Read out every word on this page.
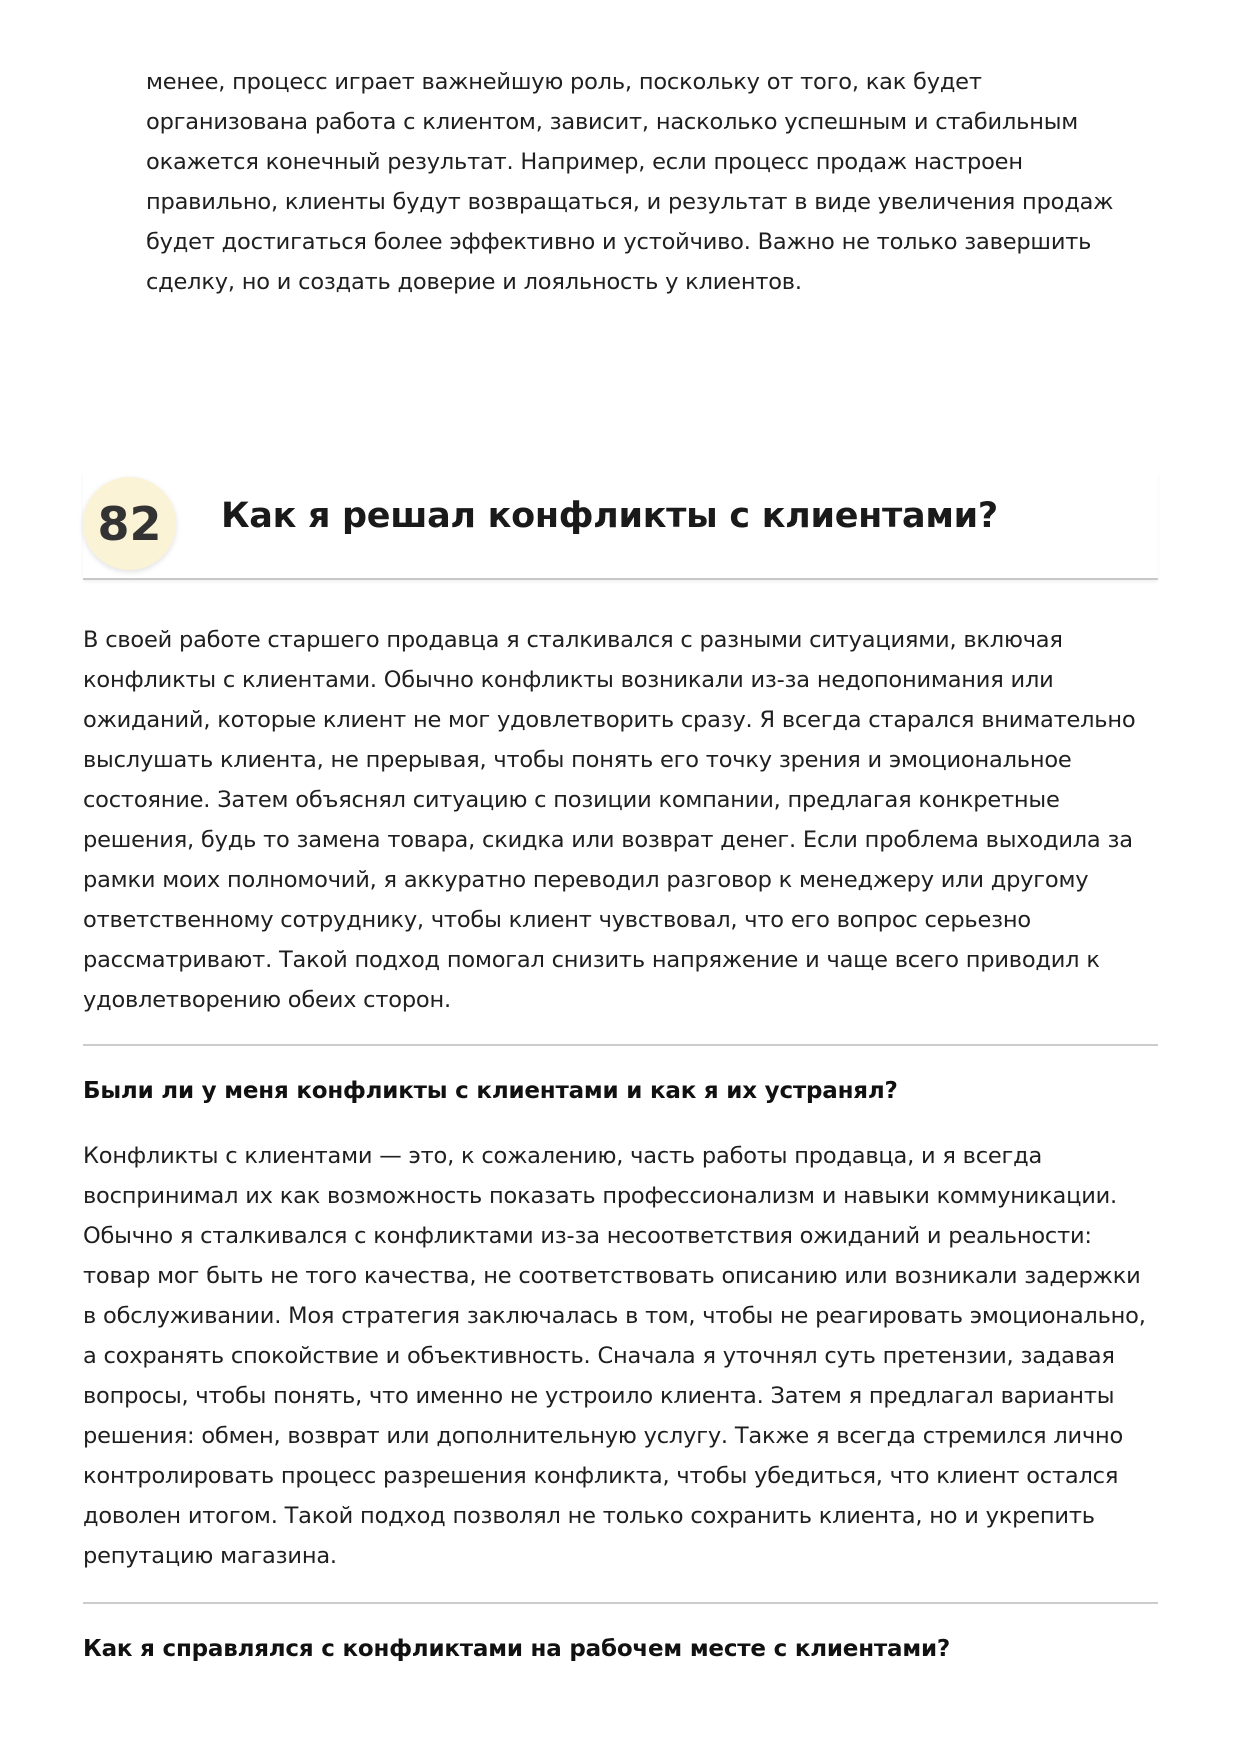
менее, процесс играет важнейшую роль, поскольку от того, как будет организована работа с клиентом, зависит, насколько успешным и стабильным окажется конечный результат. Например, если процесс продаж настроен правильно, клиенты будут возвращаться, и результат в виде увеличения продаж будет достигаться более эффективно и устойчиво. Важно не только завершить сделку, но и создать доверие и лояльность у клиентов.

82	Как я решал конфликты с клиентами?

В своей работе старшего продавца я сталкивался с разными ситуациями, включая конфликты с клиентами. Обычно конфликты возникали из-за недопонимания или ожиданий, которые клиент не мог удовлетворить сразу. Я всегда старался внимательно выслушать клиента, не прерывая, чтобы понять его точку зрения и эмоциональное состояние. Затем объяснял ситуацию с позиции компании, предлагая конкретные решения, будь то замена товара, скидка или возврат денег. Если проблема выходила за рамки моих полномочий, я аккуратно переводил разговор к менеджеру или другому ответственному сотруднику, чтобы клиент чувствовал, что его вопрос серьезно рассматривают. Такой подход помогал снизить напряжение и чаще всего приводил к удовлетворению обеих сторон.

Были ли у меня конфликты с клиентами и как я их устранял?

Конфликты с клиентами — это, к сожалению, часть работы продавца, и я всегда воспринимал их как возможность показать профессионализм и навыки коммуникации. Обычно я сталкивался с конфликтами из-за несоответствия ожиданий и реальности: товар мог быть не того качества, не соответствовать описанию или возникали задержки в обслуживании. Моя стратегия заключалась в том, чтобы не реагировать эмоционально, а сохранять спокойствие и объективность. Сначала я уточнял суть претензии, задавая вопросы, чтобы понять, что именно не устроило клиента. Затем я предлагал варианты решения: обмен, возврат или дополнительную услугу. Также я всегда стремился лично контролировать процесс разрешения конфликта, чтобы убедиться, что клиент остался доволен итогом. Такой подход позволял не только сохранить клиента, но и укрепить репутацию магазина.

Как я справлялся с конфликтами на рабочем месте с клиентами?
